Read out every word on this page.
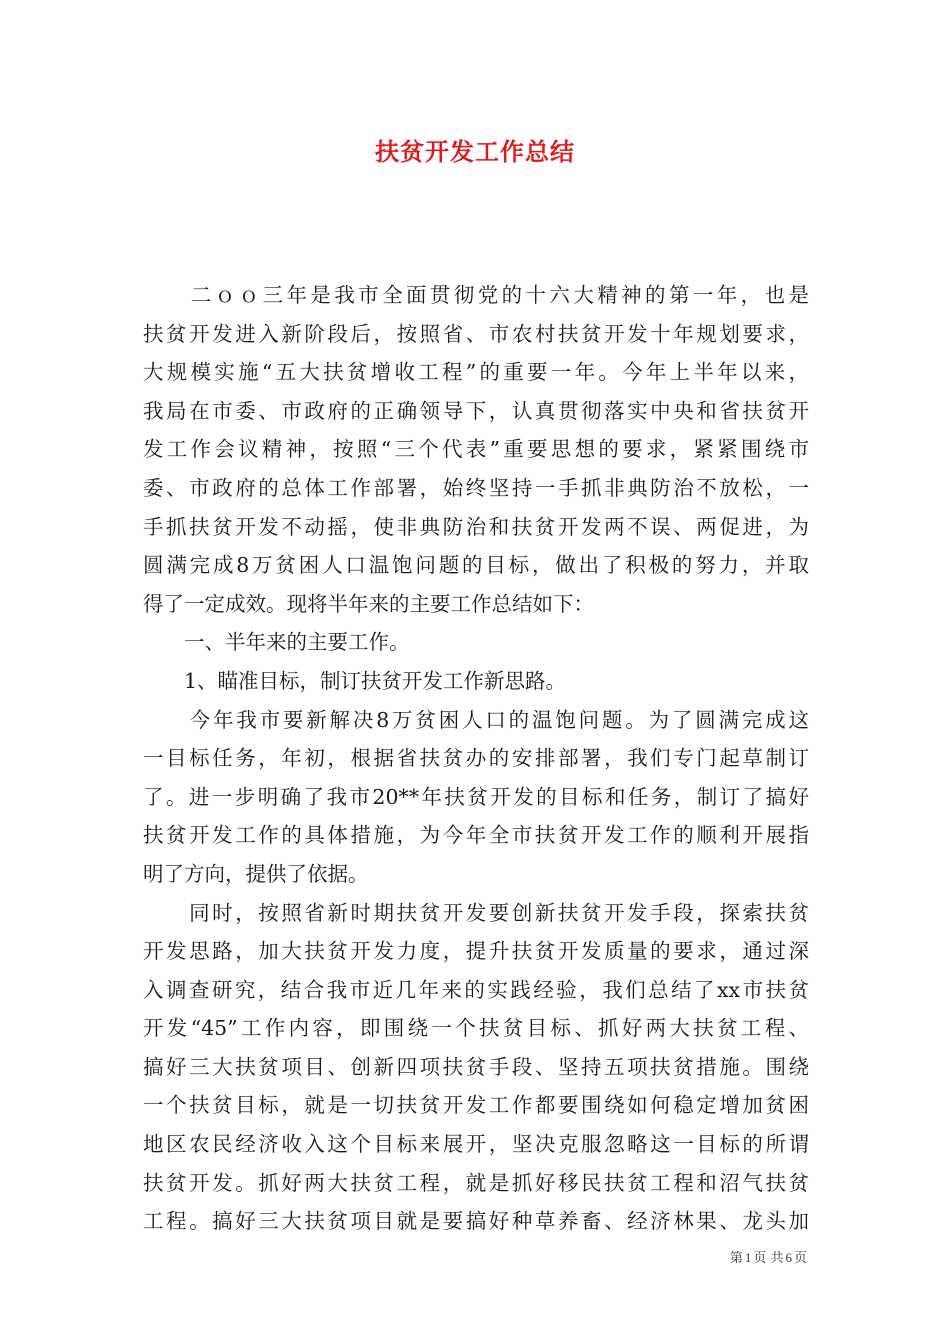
扶贫开发工作总结
　　二ｏｏ三年是我市全面贯彻党的十六大精神的第一年，也是
扶贫开发进入新阶段后，按照省、市农村扶贫开发十年规划要求，
大规模实施“五大扶贫增收工程”的重要一年。今年上半年以来，
我局在市委、市政府的正确领导下，认真贯彻落实中央和省扶贫开
发工作会议精神，按照“三个代表”重要思想的要求，紧紧围绕市
委、市政府的总体工作部署，始终坚持一手抓非典防治不放松，一
手抓扶贫开发不动摇，使非典防治和扶贫开发两不误、两促进，为
圆满完成8万贫困人口温饱问题的目标，做出了积极的努力，并取
得了一定成效。现将半年来的主要工作总结如下：
　　一、半年来的主要工作。
　　1、瞄准目标，制订扶贫开发工作新思路。
　　今年我市要新解决8万贫困人口的温饱问题。为了圆满完成这
一目标任务，年初，根据省扶贫办的安排部署，我们专门起草制订
了。进一步明确了我市20**年扶贫开发的目标和任务，制订了搞好
扶贫开发工作的具体措施，为今年全市扶贫开发工作的顺利开展指
明了方向，提供了依据。
　　同时，按照省新时期扶贫开发要创新扶贫开发手段，探索扶贫
开发思路，加大扶贫开发力度，提升扶贫开发质量的要求，通过深
入调查研究，结合我市近几年来的实践经验，我们总结了xx市扶贫
开发“45”工作内容，即围绕一个扶贫目标、抓好两大扶贫工程、
搞好三大扶贫项目、创新四项扶贫手段、坚持五项扶贫措施。围绕
一个扶贫目标，就是一切扶贫开发工作都要围绕如何稳定增加贫困
地区农民经济收入这个目标来展开，坚决克服忽略这一目标的所谓
扶贫开发。抓好两大扶贫工程，就是抓好移民扶贫工程和沼气扶贫
工程。搞好三大扶贫项目就是要搞好种草养畜、经济林果、龙头加
第 1 页 共 6 页
